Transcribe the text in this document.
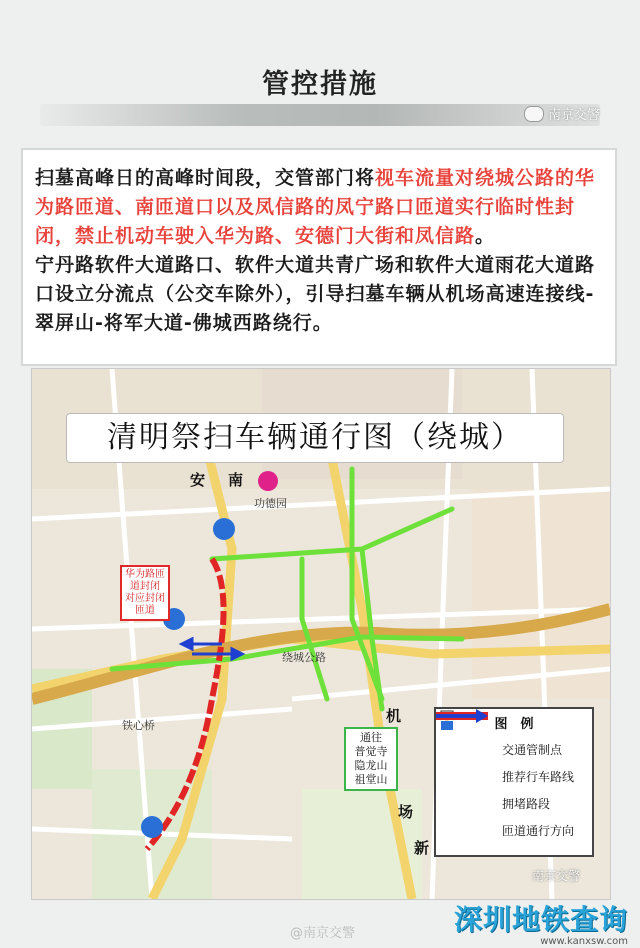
管控措施
南京交警
扫墓高峰日的高峰时间段，交管部门将视车流量对绕城公路的华为路匝道、南匝道口以及凤信路的凤宁路口匝道实行临时性封闭，禁止机动车驶入华为路、安德门大街和凤信路。
宁丹路软件大道路口、软件大道共青广场和软件大道雨花大道路口设立分流点（公交车除外），引导扫墓车辆从机场高速连接线-翠屏山-将军大道-佛城西路绕行。
清明祭扫车辆通行图（绕城）
华为路匝道封闭
对应封闭匝道
通往
普觉寺
隐龙山
祖堂山
功德园
安 南
机
场
新
铁心桥
绕城公路
图　例
交通管制点
推荐行车路线
拥堵路段
匝道通行方向
南京交警
@南京交警	深圳地铁查询
www.kanxsw.com
